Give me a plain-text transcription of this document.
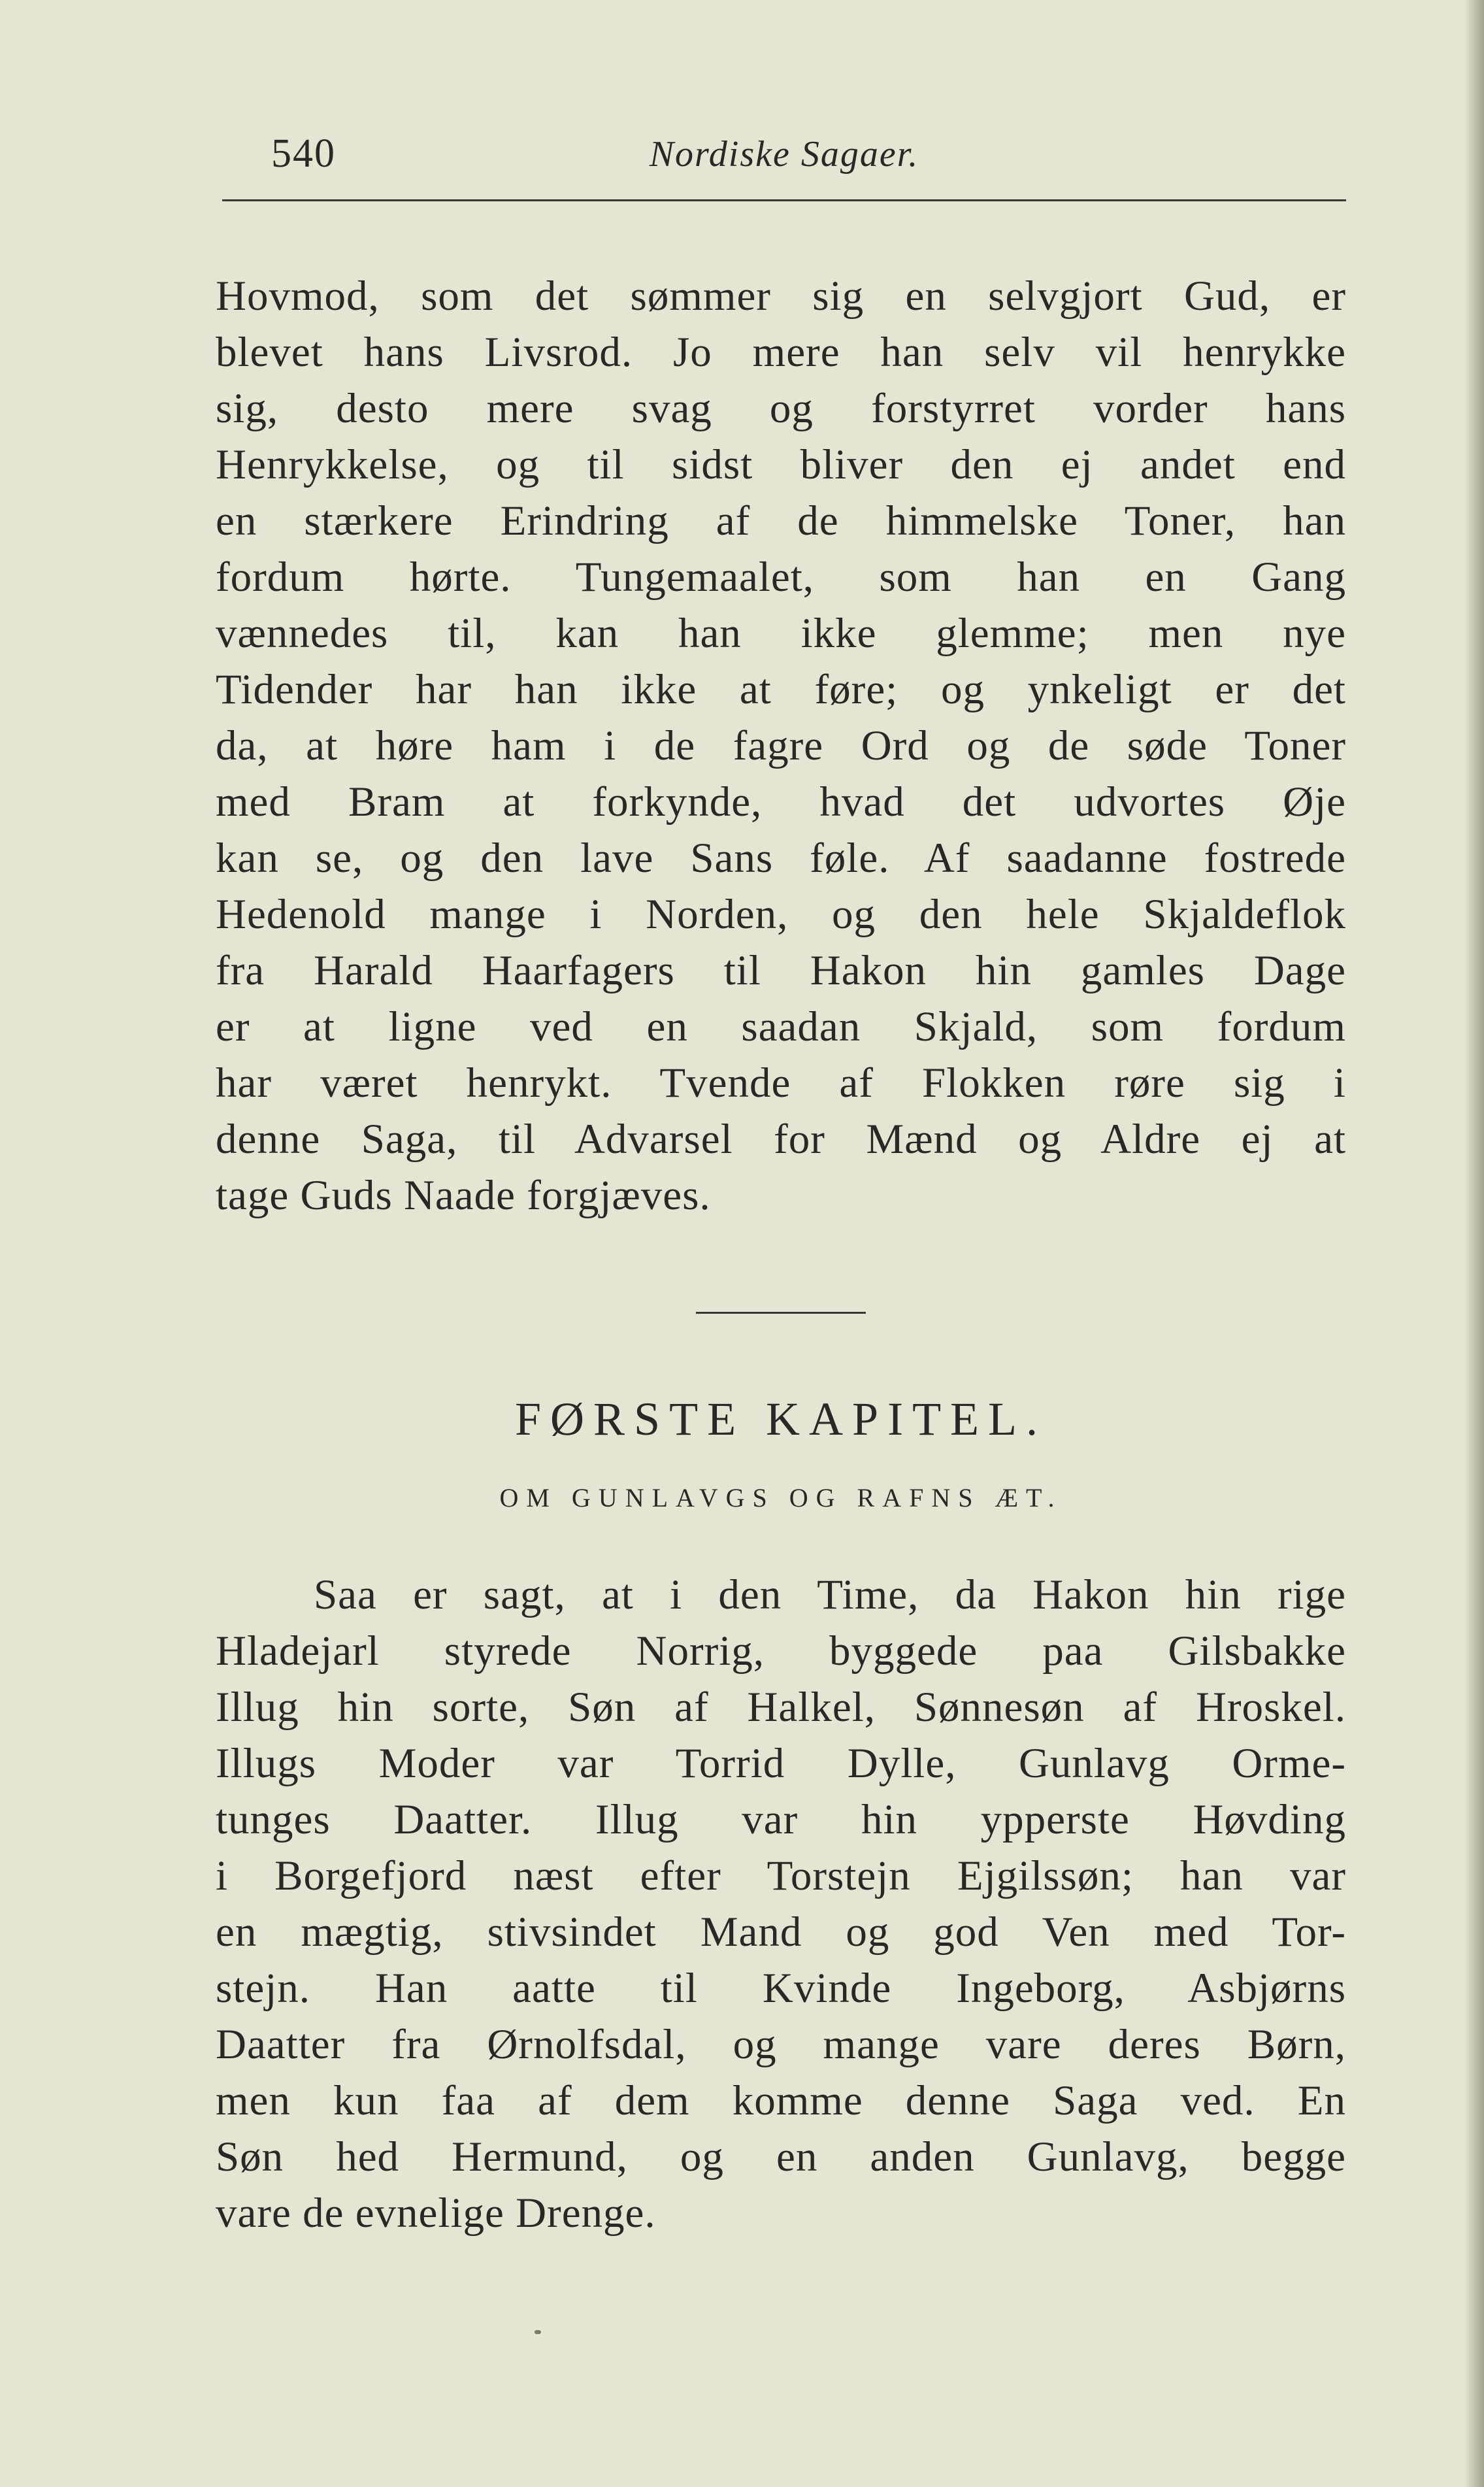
540	Nordiske Sagaer.
Hovmod, som det sømmer sig en selvgjort Gud, er
blevet hans Livsrod. Jo mere han selv vil henrykke
sig, desto mere svag og forstyrret vorder hans
Henrykkelse, og til sidst bliver den ej andet end
en stærkere Erindring af de himmelske Toner, han
fordum hørte. Tungemaalet, som han en Gang
vænnedes til, kan han ikke glemme; men nye
Tidender har han ikke at føre; og ynkeligt er det
da, at høre ham i de fagre Ord og de søde Toner
med Bram at forkynde, hvad det udvortes Øje
kan se, og den lave Sans føle. Af saadanne fostrede
Hedenold mange i Norden, og den hele Skjaldeflok
fra Harald Haarfagers til Hakon hin gamles Dage
er at ligne ved en saadan Skjald, som fordum
har været henrykt. Tvende af Flokken røre sig i
denne Saga, til Advarsel for Mænd og Aldre ej at
tage Guds Naade forgjæves.
FØRSTE KAPITEL.
OM GUNLAVGS OG RAFNS ÆT.
Saa er sagt, at i den Time, da Hakon hin rige
Hladejarl styrede Norrig, byggede paa Gilsbakke
Illug hin sorte, Søn af Halkel, Sønnesøn af Hroskel.
Illugs Moder var Torrid Dylle, Gunlavg Orme-
tunges Daatter. Illug var hin ypperste Høvding
i Borgefjord næst efter Torstejn Ejgilssøn; han var
en mægtig, stivsindet Mand og god Ven med Tor-
stejn. Han aatte til Kvinde Ingeborg, Asbjørns
Daatter fra Ørnolfsdal, og mange vare deres Børn,
men kun faa af dem komme denne Saga ved. En
Søn hed Hermund, og en anden Gunlavg, begge
vare de evnelige Drenge.
